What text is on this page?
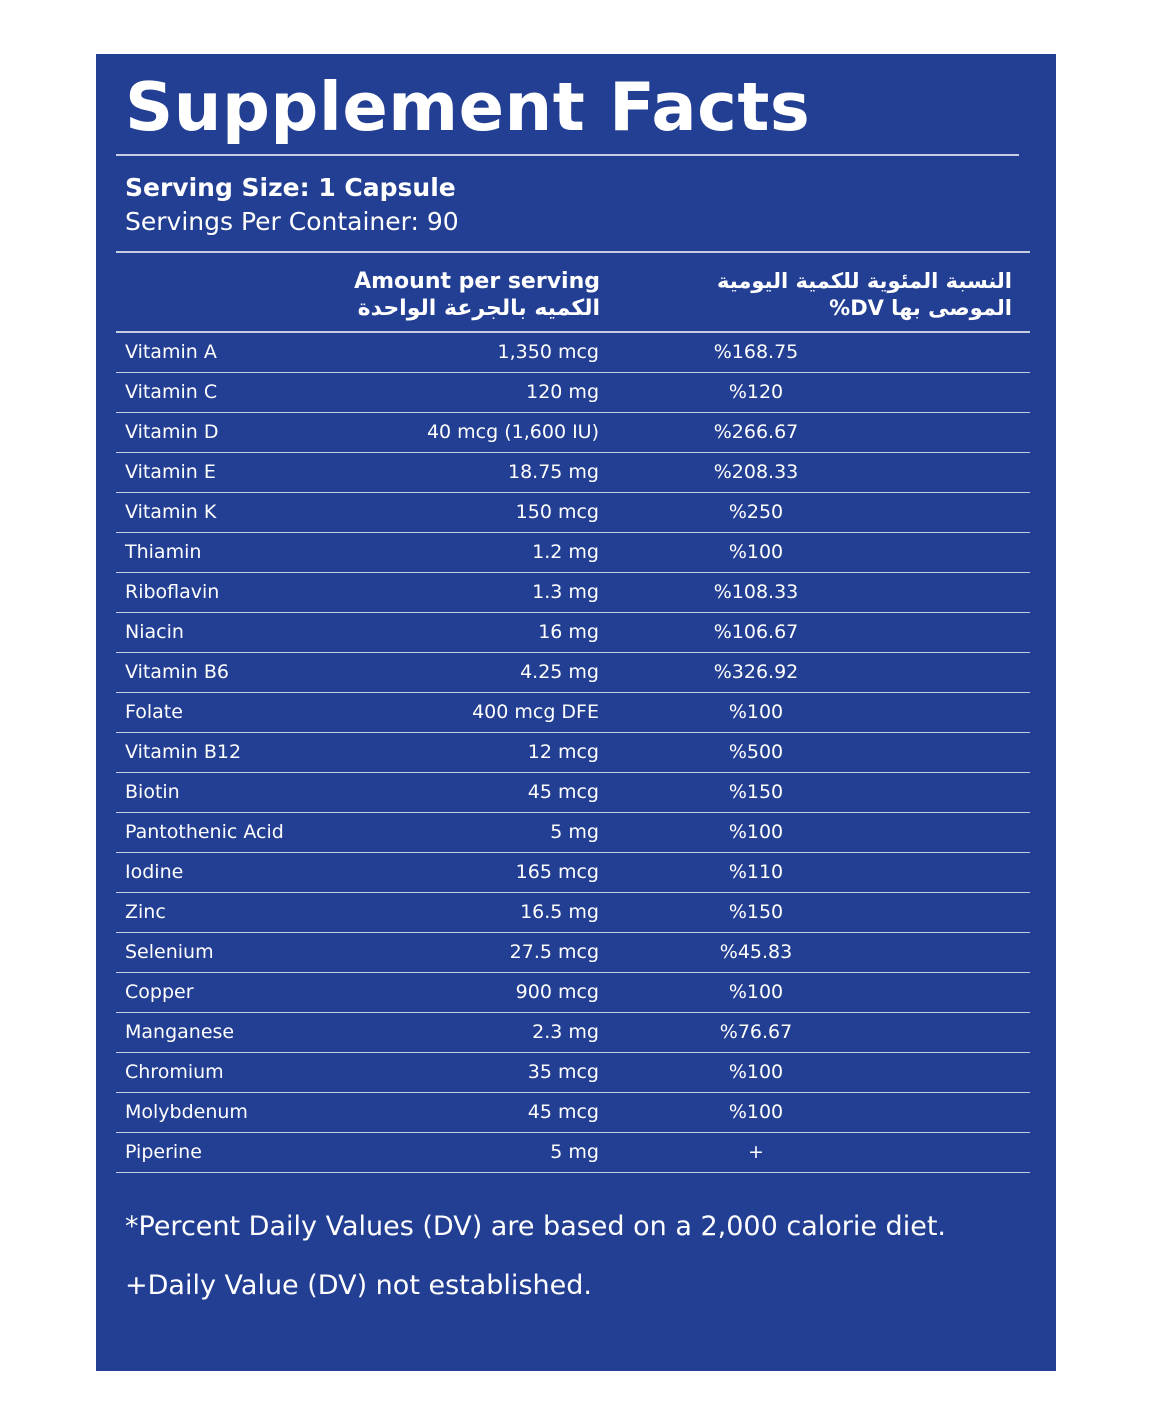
Supplement Facts
Serving Size: 1 Capsule
Servings Per Container: 90
Amount per serving
الكميه بالجرعة الواحدة
النسبة المئوية للكمية اليومية
الموصى بها DV%
Vitamin A	1,350 mcg	%168.75
Vitamin C	120 mg	%120
Vitamin D	40 mcg (1,600 IU)	%266.67
Vitamin E	18.75 mg	%208.33
Vitamin K	150 mcg	%250
Thiamin	1.2 mg	%100
Riboflavin	1.3 mg	%108.33
Niacin	16 mg	%106.67
Vitamin B6	4.25 mg	%326.92
Folate	400 mcg DFE	%100
Vitamin B12	12 mcg	%500
Biotin	45 mcg	%150
Pantothenic Acid	5 mg	%100
Iodine	165 mcg	%110
Zinc	16.5 mg	%150
Selenium	27.5 mcg	%45.83
Copper	900 mcg	%100
Manganese	2.3 mg	%76.67
Chromium	35 mcg	%100
Molybdenum	45 mcg	%100
Piperine	5 mg	+
*Percent Daily Values (DV) are based on a 2,000 calorie diet.
+Daily Value (DV) not established.
